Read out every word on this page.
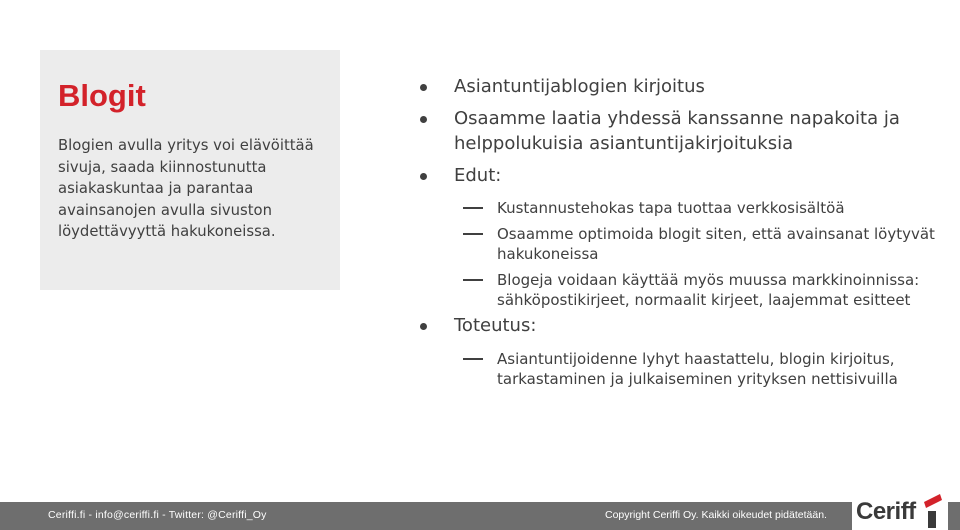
Blogit
Blogien avulla yritys voi elävöittää sivuja, saada kiinnostunutta asiakaskuntaa ja parantaa avainsanojen avulla sivuston löydettävyyttä hakukoneissa.
Asiantuntijablogien kirjoitus
Osaamme laatia yhdessä kanssanne napakoita ja helppolukuisia asiantuntijakirjoituksia
Edut:
Kustannustehokas tapa tuottaa verkkosisältöä
Osaamme optimoida blogit siten, että avainsanat löytyvät hakukoneissa
Blogeja voidaan käyttää myös muussa markkinoinnissa: sähköpostikirjeet, normaalit kirjeet, laajemmat esitteet
Toteutus:
Asiantuntijoidenne lyhyt haastattelu, blogin kirjoitus, tarkastaminen ja julkaiseminen yrityksen nettisivuilla
Ceriffi.fi - info@ceriffi.fi - Twitter: @Ceriffi_Oy	Copyright Ceriffi Oy. Kaikki oikeudet pidätetään. Ceriff
